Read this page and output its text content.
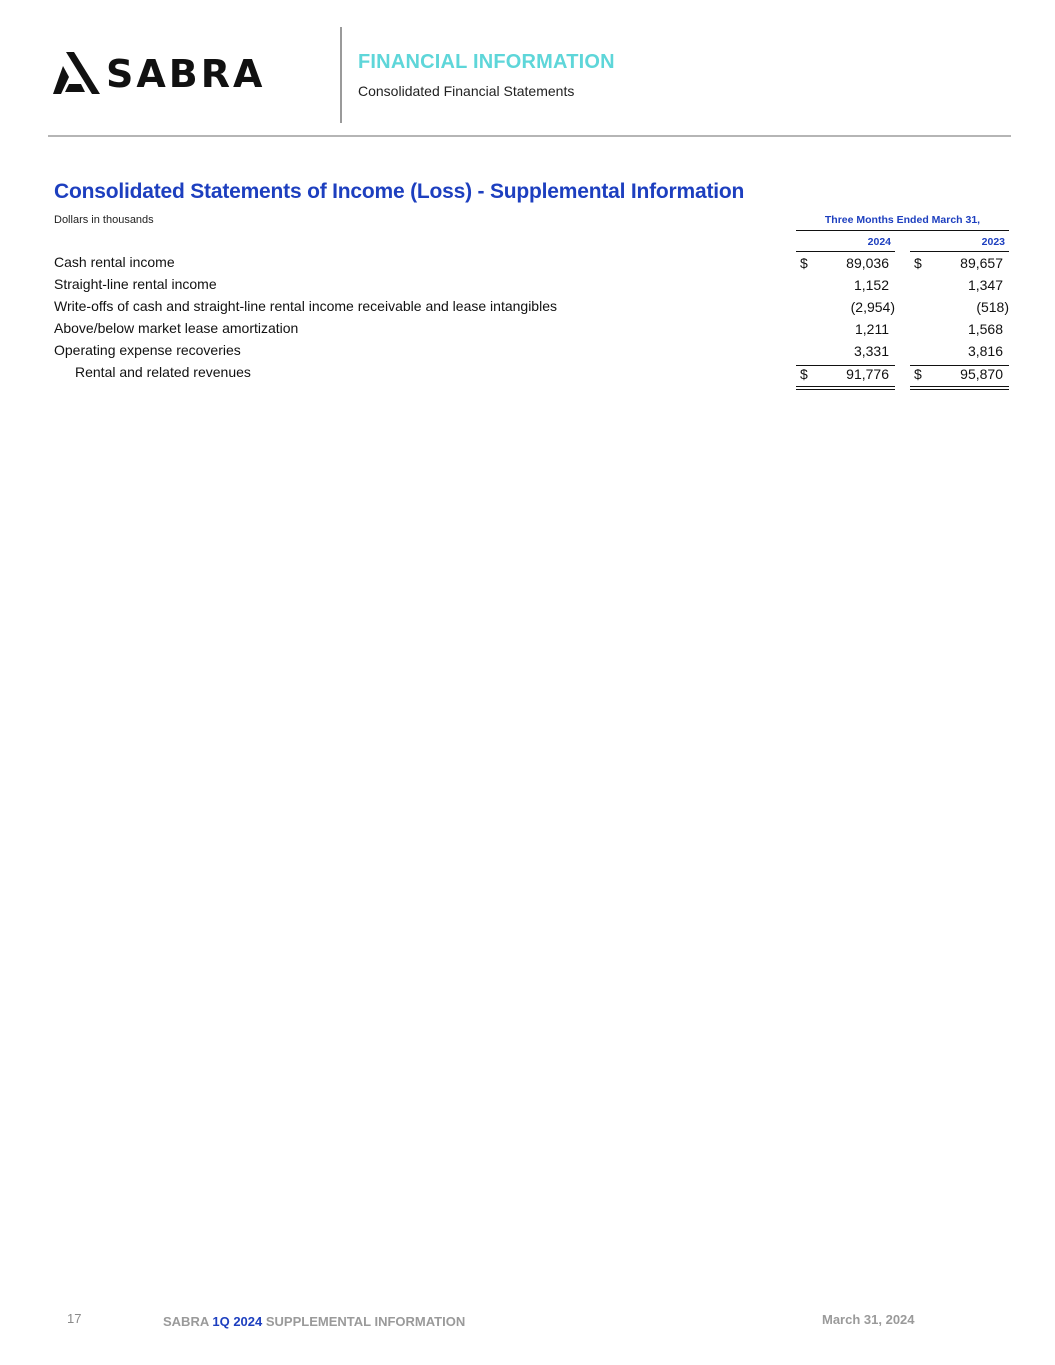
SABRA	FINANCIAL INFORMATION
Consolidated Financial Statements
Consolidated Statements of Income (Loss) - Supplemental Information
Dollars in thousands	Three Months Ended March 31,
2024	2023
Cash rental income	$	89,036 $	89,657
Straight-line rental income	1,152	1,347
Write-offs of cash and straight-line rental income receivable and lease intangibles	(2,954)	(518)
Above/below market lease amortization	1,211	1,568
Operating expense recoveries	3,331	3,816
Rental and related revenues	$	91,776 $	95,870
17	SABRA 1Q 2024 SUPPLEMENTAL INFORMATION	March 31, 2024
